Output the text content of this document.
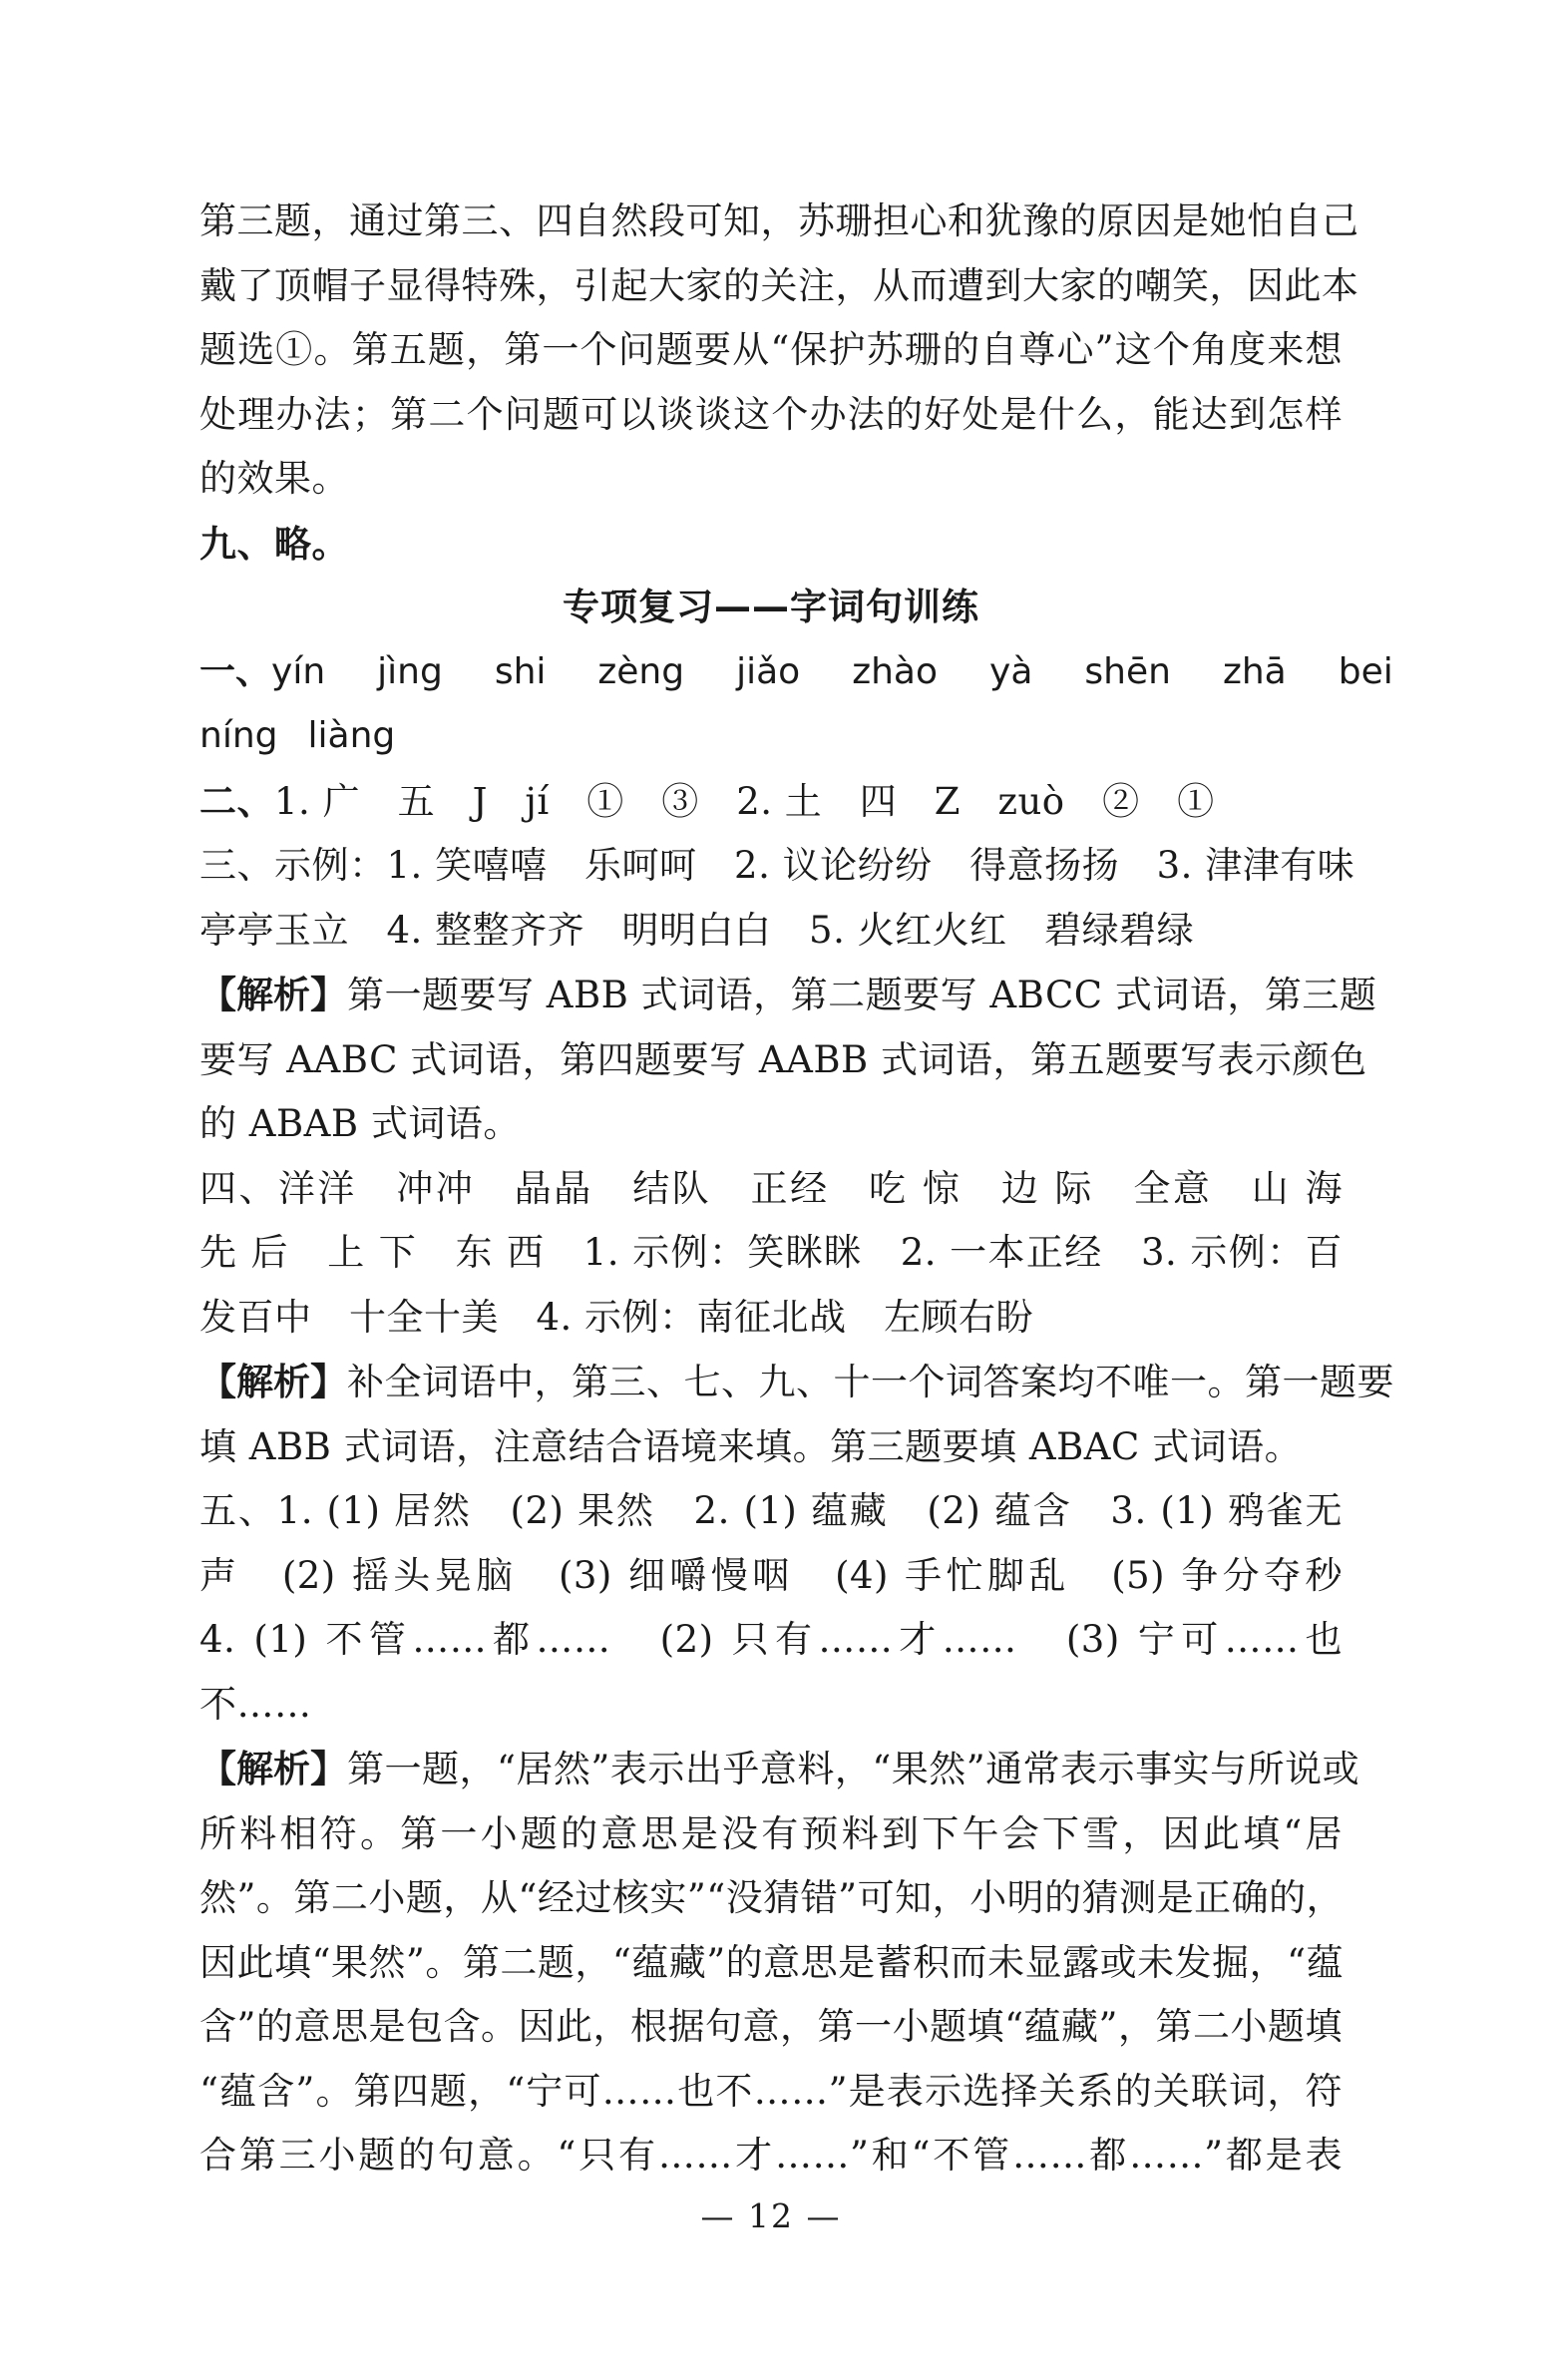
第三题，通过第三、四自然段可知，苏珊担心和犹豫的原因是她怕自己
戴了顶帽子显得特殊，引起大家的关注，从而遭到大家的嘲笑，因此本
题选①。第五题，第一个问题要从“保护苏珊的自尊心”这个角度来想
处理办法；第二个问题可以谈谈这个办法的好处是什么，能达到怎样
的效果。
九、略。
专项复习——字词句训练
一、yín jìng shi zèng jiǎo zhào yà shēn zhā bei
níng liàng
二、1. 广　五　J　jí　①　③　2. 土　四　Z　zuò　②　①
三、示例：1. 笑嘻嘻　乐呵呵　2. 议论纷纷　得意扬扬　3. 津津有味
亭亭玉立　4. 整整齐齐　明明白白　5. 火红火红　碧绿碧绿
【解析】第一题要写 ABB 式词语，第二题要写 ABCC 式词语，第三题
要写 AABC 式词语，第四题要写 AABB 式词语，第五题要写表示颜色
的 ABAB 式词语。
四、洋洋　冲冲　晶晶　结队　正经　吃 惊　边 际　全意　山 海
先 后　上 下　东 西　1. 示例：笑眯眯　2. 一本正经　3. 示例：百
发百中　十全十美　4. 示例：南征北战　左顾右盼
【解析】补全词语中，第三、七、九、十一个词答案均不唯一。第一题要
填 ABB 式词语，注意结合语境来填。第三题要填 ABAC 式词语。
五、1. (1) 居然　(2) 果然　2. (1) 蕴藏　(2) 蕴含　3. (1) 鸦雀无
声　(2) 摇头晃脑　(3) 细嚼慢咽　(4) 手忙脚乱　(5) 争分夺秒
4. (1) 不管……都……　(2) 只有……才……　(3) 宁可……也
不……
【解析】第一题，“居然”表示出乎意料，“果然”通常表示事实与所说或
所料相符。第一小题的意思是没有预料到下午会下雪，因此填“居
然”。第二小题，从“经过核实”“没猜错”可知，小明的猜测是正确的，
因此填“果然”。第二题，“蕴藏”的意思是蓄积而未显露或未发掘，“蕴
含”的意思是包含。因此，根据句意，第一小题填“蕴藏”，第二小题填
“蕴含”。第四题，“宁可……也不……”是表示选择关系的关联词，符
合第三小题的句意。“只有……才……”和“不管……都……”都是表
— 12 —
